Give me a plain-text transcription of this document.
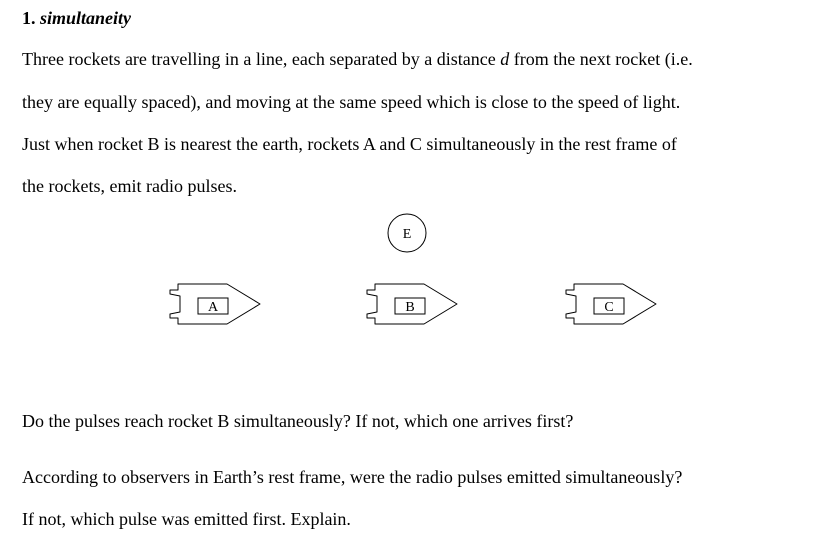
1. simultaneity
Three rockets are travelling in a line, each separated by a distance d from the next rocket (i.e.
they are equally spaced), and moving at the same speed which is close to the speed of light.
Just when rocket B is nearest the earth, rockets A and C simultaneously in the rest frame of
the rockets, emit radio pulses.
E
A	B	C
Do the pulses reach rocket B simultaneously? If not, which one arrives first?
According to observers in Earth’s rest frame, were the radio pulses emitted simultaneously?
If not, which pulse was emitted first. Explain.
